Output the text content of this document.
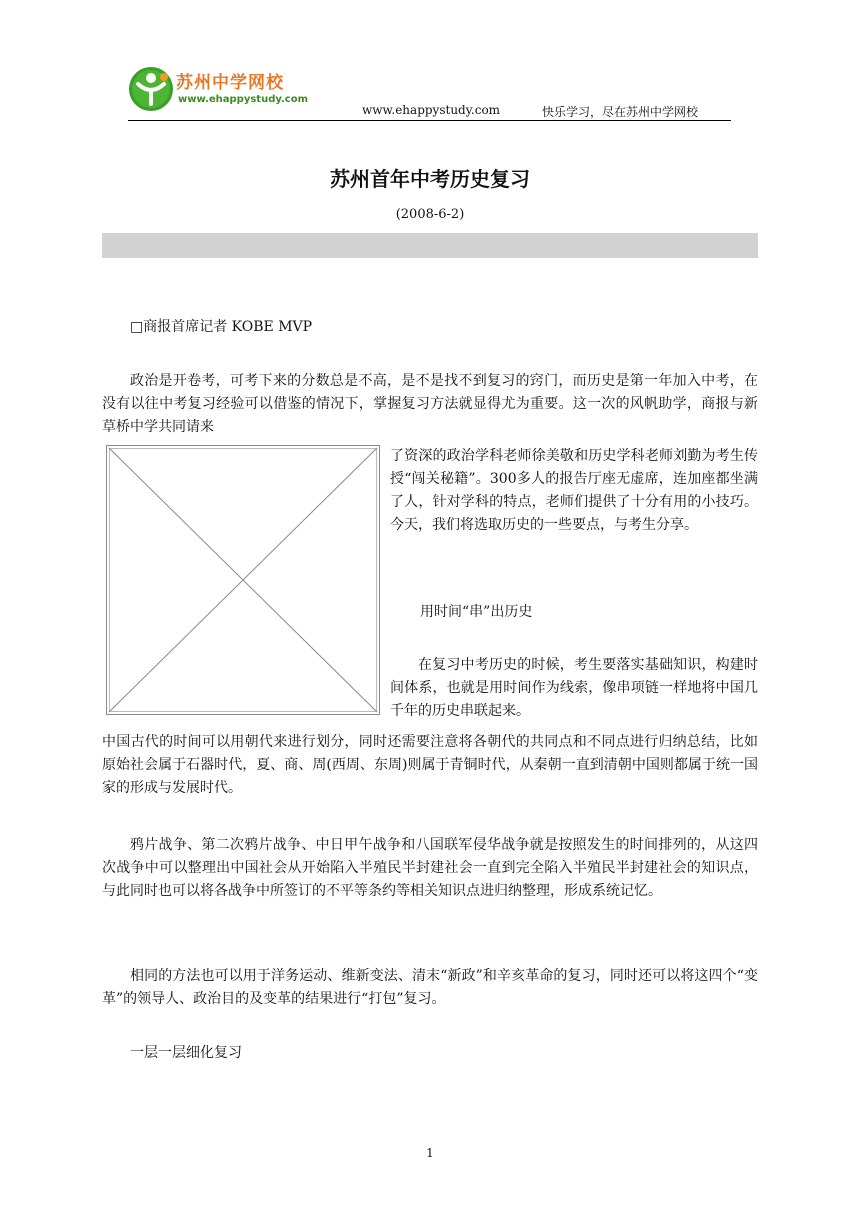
苏州中学网校
www.ehappystudy.com
www.ehappystudy.com	快乐学习，尽在苏州中学网校
苏州首年中考历史复习
(2008-6-2)
□商报首席记者 KOBE MVP
政治是开卷考，可考下来的分数总是不高，是不是找不到复习的窍门，而历史是第一年加入中考，在没有以往中考复习经验可以借鉴的情况下，掌握复习方法就显得尤为重要。这一次的风帆助学，商报与新草桥中学共同请来
了资深的政治学科老师徐美敬和历史学科老师刘勤为考生传授“闯关秘籍”。300多人的报告厅座无虚席，连加座都坐满了人，针对学科的特点，老师们提供了十分有用的小技巧。今天，我们将选取历史的一些要点，与考生分享。
用时间“串”出历史
在复习中考历史的时候，考生要落实基础知识，构建时间体系，也就是用时间作为线索，像串项链一样地将中国几千年的历史串联起来。
中国古代的时间可以用朝代来进行划分，同时还需要注意将各朝代的共同点和不同点进行归纳总结，比如原始社会属于石器时代，夏、商、周(西周、东周)则属于青铜时代，从秦朝一直到清朝中国则都属于统一国家的形成与发展时代。
鸦片战争、第二次鸦片战争、中日甲午战争和八国联军侵华战争就是按照发生的时间排列的，从这四次战争中可以整理出中国社会从开始陷入半殖民半封建社会一直到完全陷入半殖民半封建社会的知识点，与此同时也可以将各战争中所签订的不平等条约等相关知识点进归纳整理，形成系统记忆。
相同的方法也可以用于洋务运动、维新变法、清末“新政”和辛亥革命的复习，同时还可以将这四个“变革”的领导人、政治目的及变革的结果进行“打包”复习。
一层一层细化复习
1
